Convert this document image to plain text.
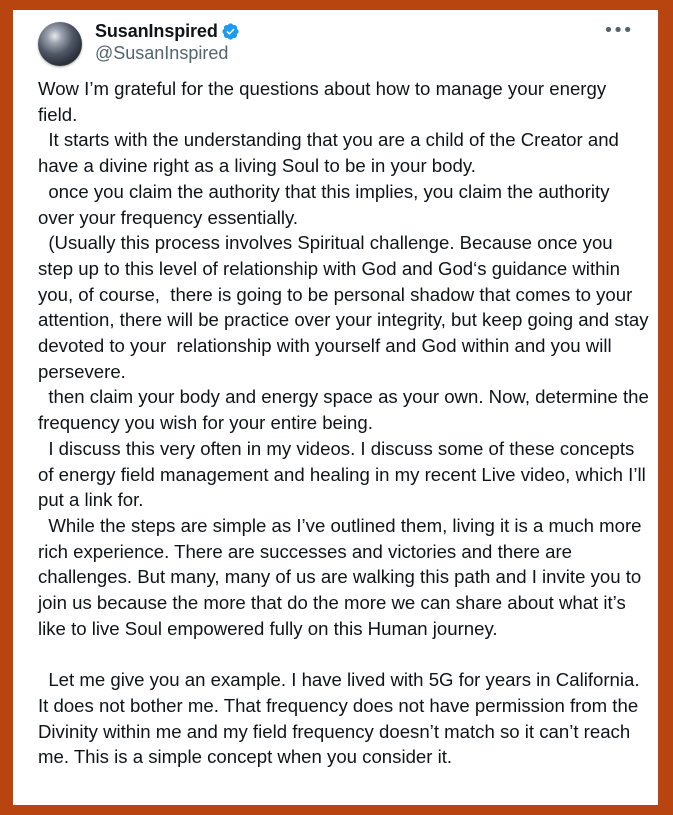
SusanInspired
@SusanInspired
•••
Wow I’m grateful for the questions about how to manage your energy field.
It starts with the understanding that you are a child of the Creator and have a divine right as a living Soul to be in your body.
once you claim the authority that this implies, you claim the authority over your frequency essentially.
(Usually this process involves Spiritual challenge. Because once you step up to this level of relationship with God and God‘s guidance within you, of course,  there is going to be personal shadow that comes to your attention, there will be practice over your integrity, but keep going and stay devoted to your  relationship with yourself and God within and you will persevere.
then claim your body and energy space as your own. Now, determine the frequency you wish for your entire being.
I discuss this very often in my videos. I discuss some of these concepts of energy field management and healing in my recent Live video, which I’ll put a link for.
While the steps are simple as I’ve outlined them, living it is a much more rich experience. There are successes and victories and there are challenges. But many, many of us are walking this path and I invite you to join us because the more that do the more we can share about what it’s like to live Soul empowered fully on this Human journey.

Let me give you an example. I have lived with 5G for years in California. It does not bother me. That frequency does not have permission from the Divinity within me and my field frequency doesn’t match so it can’t reach me. This is a simple concept when you consider it.
